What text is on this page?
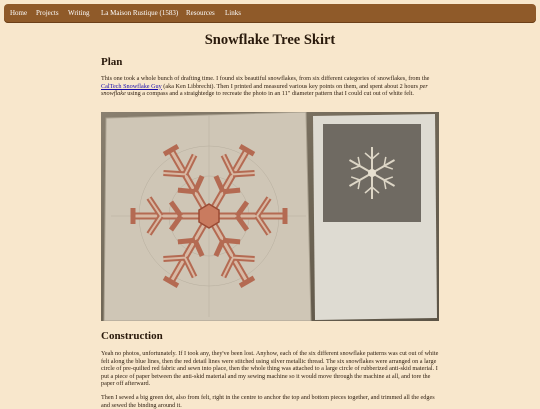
Home Projects Writing La Maison Rustique (1583) Resources Links
Snowflake Tree Skirt
Plan

This one took a whole bunch of drafting time. I found six beautiful snowflakes, from six different categories of snowflakes, from the CalTech Snowflake Guy (aka Ken Libbrecht). Then I printed and measured various key points on them, and spent about 2 hours per snowflake using a compass and a straightedge to recreate the photo in an 11" diameter pattern that I could cut out of white felt.

Construction

Yeah no photos, unfortunately. If I took any, they've been lost. Anyhow, each of the six different snowflake patterns was cut out of white felt along the blue lines, then the red detail lines were stitched using silver metallic thread. The six snowflakes were arranged on a large circle of pre-quilted red fabric and sewn into place, then the whole thing was attached to a large circle of rubberized anti-skid material. I put a piece of paper between the anti-skid material and my sewing machine so it would move through the machine at all, and tore the paper off afterward.

Then I sewed a big green dot, also from felt, right in the centre to anchor the top and bottom pieces together, and trimmed all the edges and sewed the binding around it.
